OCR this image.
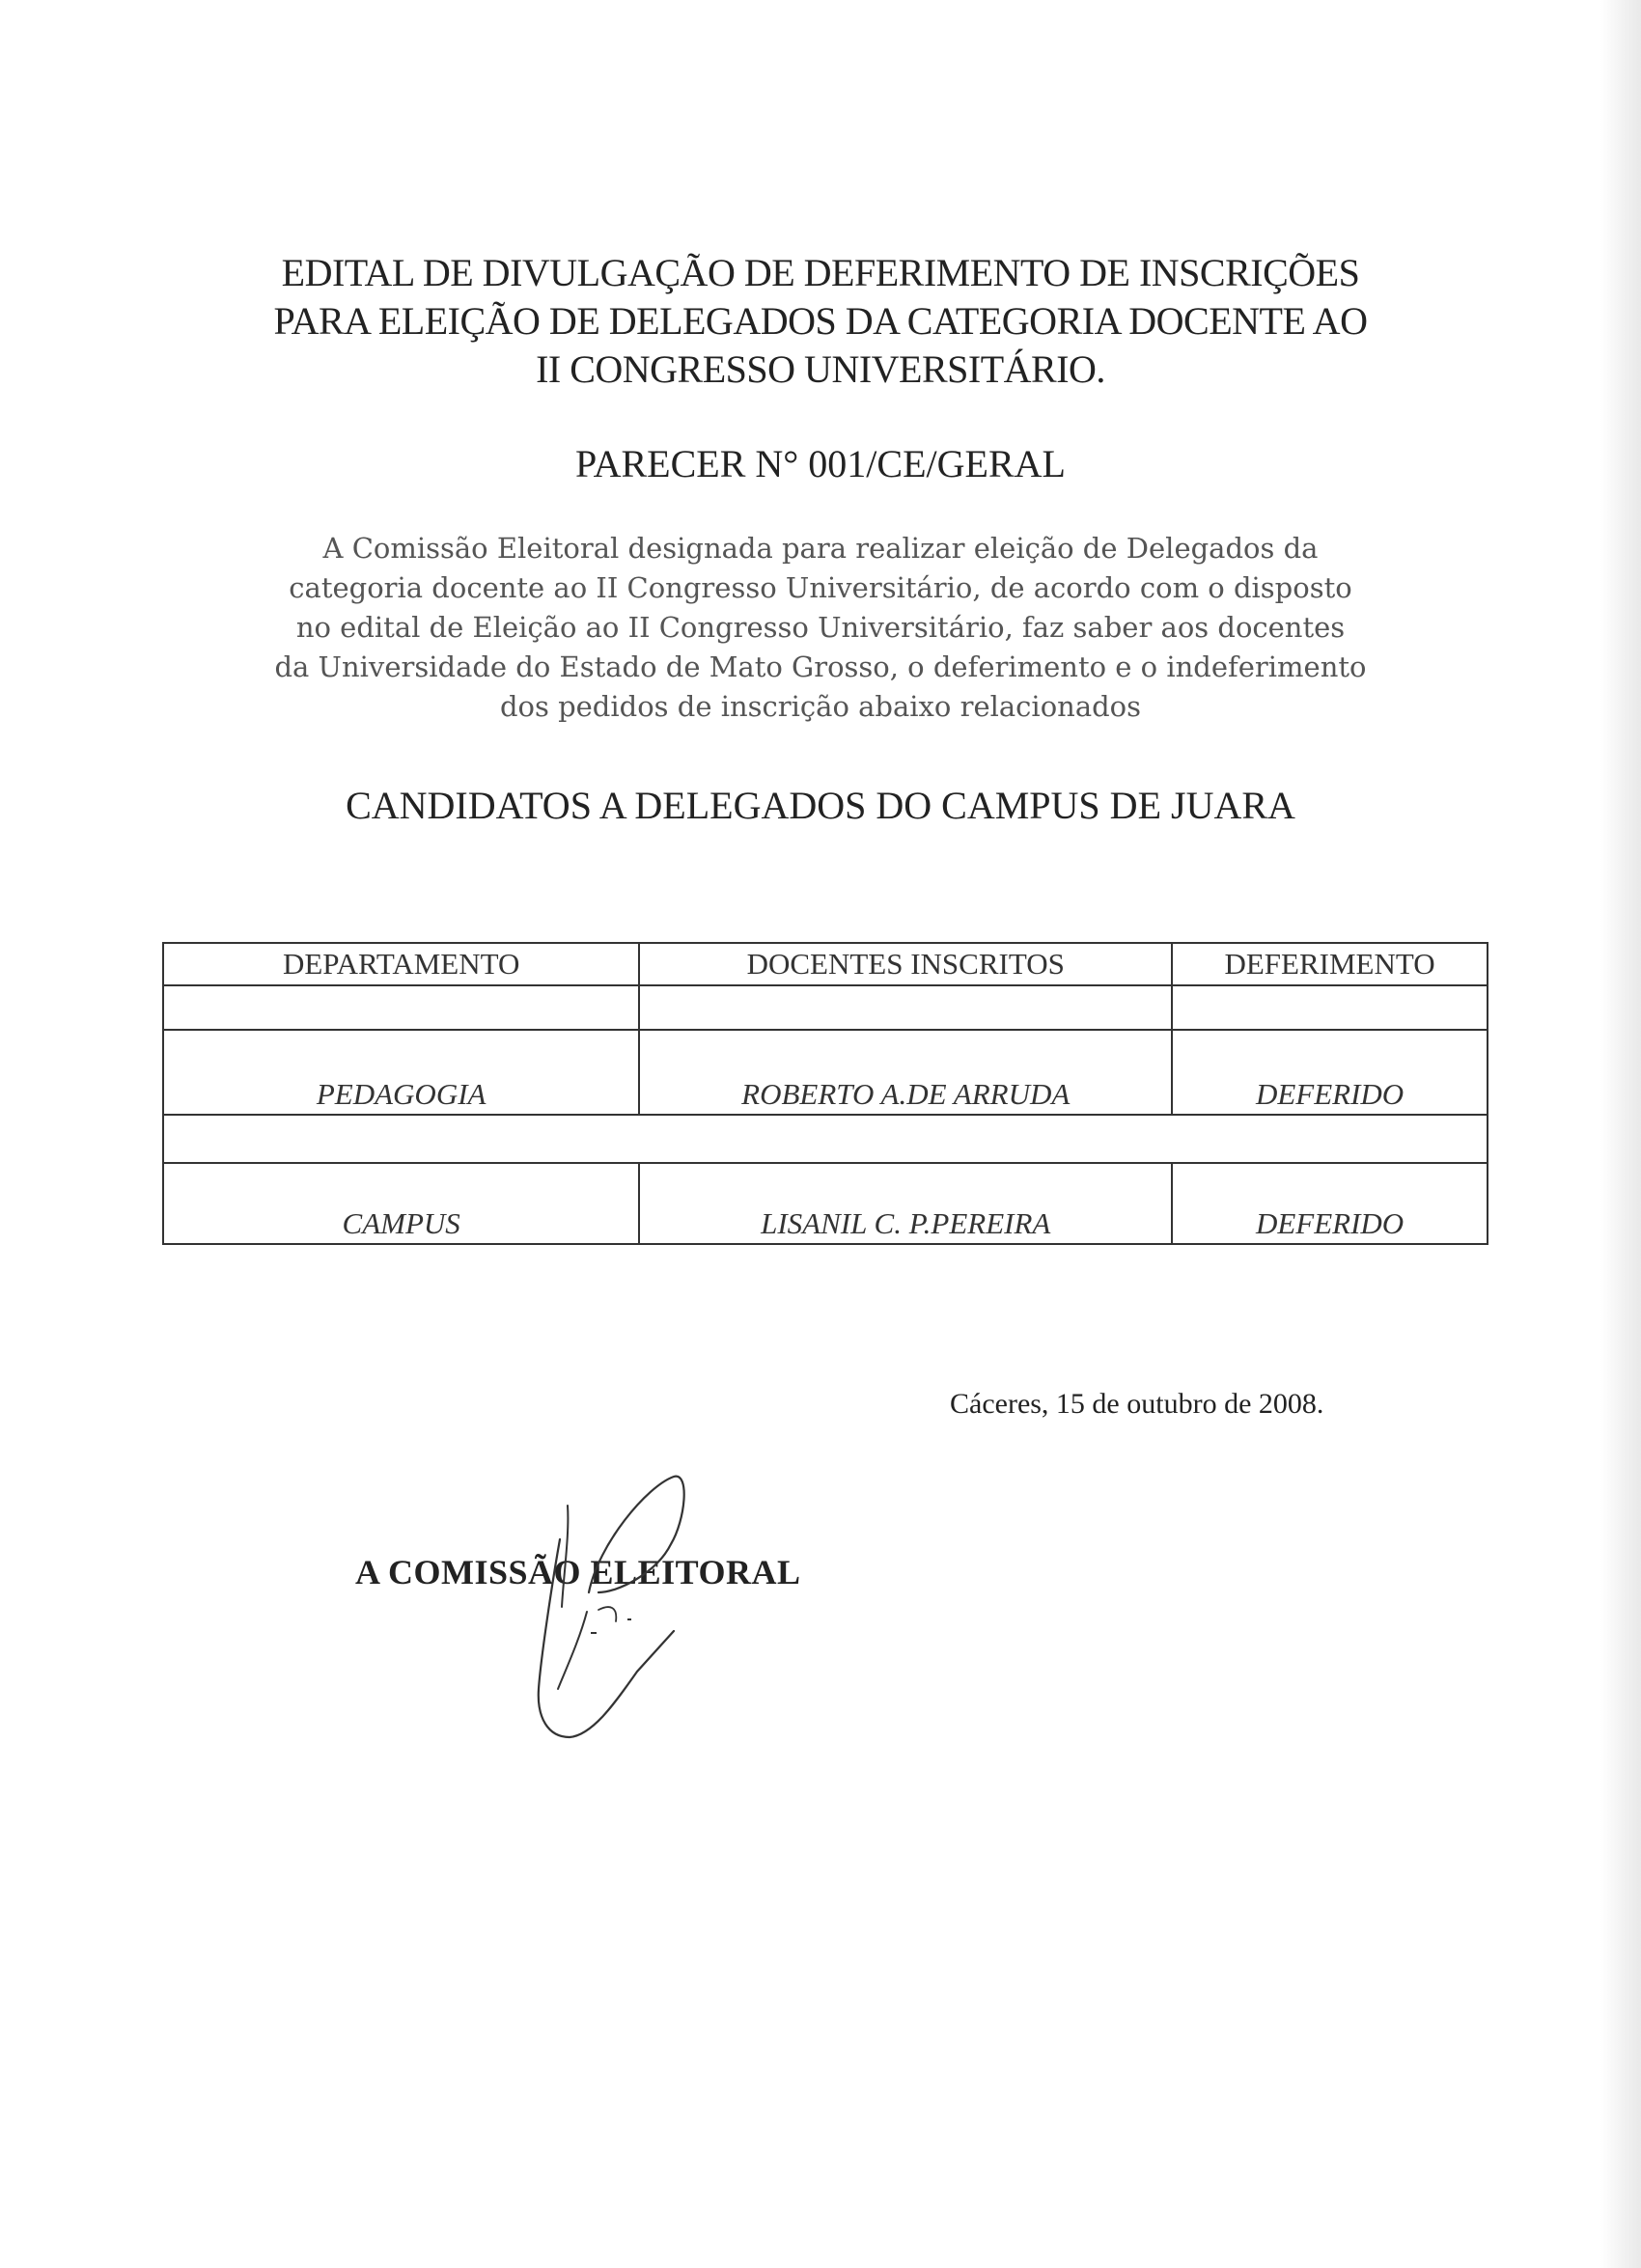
EDITAL DE DIVULGAÇÃO DE DEFERIMENTO DE INSCRIÇÕES
PARA ELEIÇÃO DE DELEGADOS DA CATEGORIA DOCENTE AO
II CONGRESSO UNIVERSITÁRIO.
PARECER N° 001/CE/GERAL
A Comissão Eleitoral designada para realizar eleição de Delegados da
categoria docente ao II Congresso Universitário, de acordo com o disposto
no edital de Eleição ao II Congresso Universitário, faz saber aos docentes
da Universidade do Estado de Mato Grosso, o deferimento e o indeferimento
dos pedidos de inscrição abaixo relacionados
CANDIDATOS A DELEGADOS DO CAMPUS DE JUARA
DEPARTAMENTO	DOCENTES INSCRITOS	DEFERIMENTO

PEDAGOGIA	ROBERTO A.DE ARRUDA	DEFERIDO

CAMPUS	LISANIL C. P.PEREIRA	DEFERIDO
Cáceres, 15 de outubro de 2008.
A COMISSÃO ELEITORAL
